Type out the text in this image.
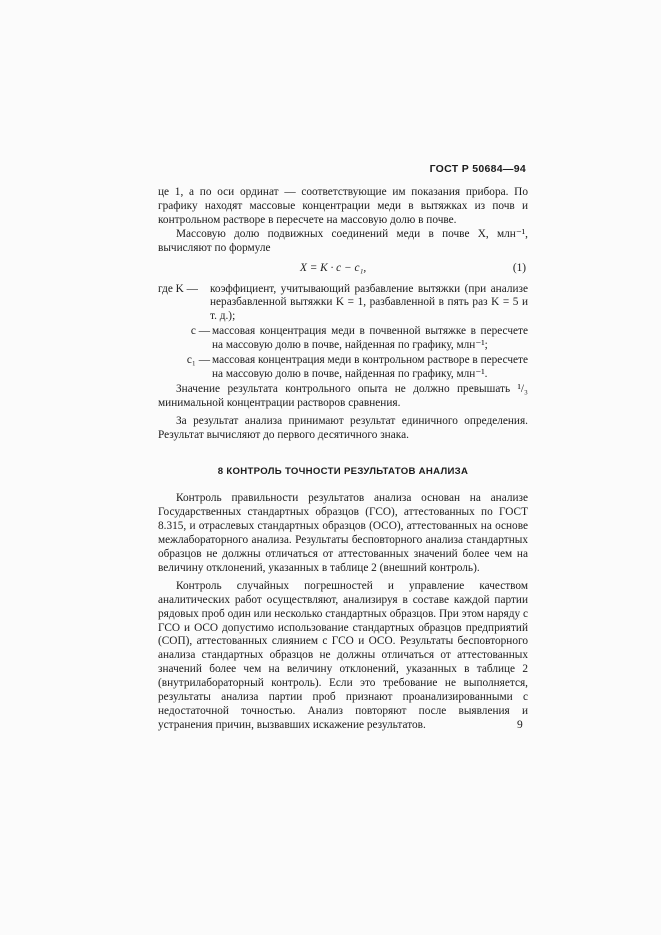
ГОСТ Р 50684—94

це 1, а по оси ординат — соответствующие им показания прибора. По графику находят массовые концентрации меди в вытяжках из почв и контрольном растворе в пересчете на массовую долю в почве.

Массовую долю подвижных соединений меди в почве X, млн⁻¹, вычисляют по формуле

X = K · c − c₁,	(1)
где K —	коэффициент, учитывающий разбавление вытяжки (при анализе неразбавленной вытяжки K = 1, разбавленной в пять раз K = 5 и т. д.);
c — массовая концентрация меди в почвенной вытяжке в пересчете на массовую долю в почве, найденная по графику, млн⁻¹;
c₁ — массовая концентрация меди в контрольном растворе в пересчете на массовую долю в почве, найденная по графику, млн⁻¹.

Значение результата контрольного опыта не должно превышать ¹/₃ минимальной концентрации растворов сравнения.

За результат анализа принимают результат единичного определения. Результат вычисляют до первого десятичного знака.

8 КОНТРОЛЬ ТОЧНОСТИ РЕЗУЛЬТАТОВ АНАЛИЗА

Контроль правильности результатов анализа основан на анализе Государственных стандартных образцов (ГСО), аттестованных по ГОСТ 8.315, и отраслевых стандартных образцов (ОСО), аттестованных на основе межлабораторного анализа. Результаты бесповторного анализа стандартных образцов не должны отличаться от аттестованных значений более чем на величину отклонений, указанных в таблице 2 (внешний контроль).

Контроль случайных погрешностей и управление качеством аналитических работ осуществляют, анализируя в составе каждой партии рядовых проб один или несколько стандартных образцов. При этом наряду с ГСО и ОСО допустимо использование стандартных образцов предприятий (СОП), аттестованных слиянием с ГСО и ОСО. Результаты бесповторного анализа стандартных образцов не должны отличаться от аттестованных значений более чем на величину отклонений, указанных в таблице 2 (внутрилабораторный контроль). Если это требование не выполняется, результаты анализа партии проб признают проанализированными с недостаточной точностью. Анализ повторяют после выявления и устранения причин, вызвавших искажение результатов.	9
